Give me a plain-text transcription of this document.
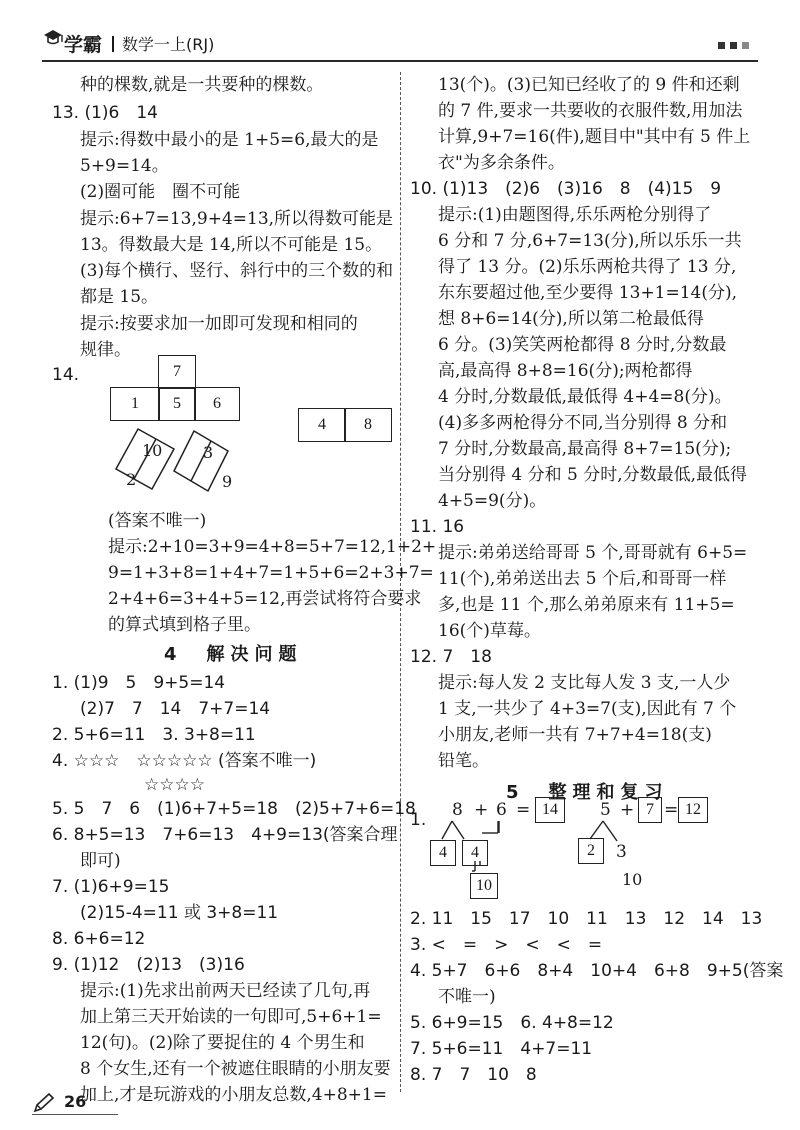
学霸 数学一上(RJ)
种的棵数,就是一共要种的棵数。
13. (1)6　14
提示:得数中最小的是 1+5=6,最大的是
5+9=14。
(2)圈可能　圈不可能
提示:6+7=13,9+4=13,所以得数可能是
13。得数最大是 14,所以不可能是 15。
(3)每个横行、竖行、斜行中的三个数的和
都是 15。
提示:按要求加一加即可发现和相同的
规律。
14.	7
1	5	6
4	8
10
2
3
9
(答案不唯一)
提示:2+10=3+9=4+8=5+7=12,1+2+
9=1+3+8=1+4+7=1+5+6=2+3+7=
2+4+6=3+4+5=12,再尝试将符合要求
的算式填到格子里。
4　解决问题
1. (1)9　5　9+5=14
(2)7　7　14　7+7=14
2. 5+6=11　3. 3+8=11
4. ☆☆☆　☆☆☆☆☆ (答案不唯一)
☆☆☆☆
5. 5　7　6　(1)6+7+5=18　(2)5+7+6=18
6. 8+5=13　7+6=13　4+9=13(答案合理
即可)
7. (1)6+9=15
(2)15-4=11 或 3+8=11
8. 6+6=12
9. (1)12　(2)13　(3)16
提示:(1)先求出前两天已经读了几句,再
加上第三天开始读的一句即可,5+6+1=
12(句)。(2)除了要捉住的 4 个男生和
8 个女生,还有一个被遮住眼睛的小朋友要
加上,才是玩游戏的小朋友总数,4+8+1=
13(个)。(3)已知已经收了的 9 件和还剩
的 7 件,要求一共要收的衣服件数,用加法
计算,9+7=16(件),题目中"其中有 5 件上
衣"为多余条件。
10. (1)13　(2)6　(3)16　8　(4)15　9
提示:(1)由题图得,乐乐两枪分别得了
6 分和 7 分,6+7=13(分),所以乐乐一共
得了 13 分。(2)乐乐两枪共得了 13 分,
东东要超过他,至少要得 13+1=14(分),
想 8+6=14(分),所以第二枪最低得
6 分。(3)笑笑两枪都得 8 分时,分数最
高,最高得 8+8=16(分);两枪都得
4 分时,分数最低,最低得 4+4=8(分)。
(4)多多两枪得分不同,当分别得 8 分和
7 分时,分数最高,最高得 8+7=15(分);
当分别得 4 分和 5 分时,分数最低,最低得
4+5=9(分)。
11. 16
提示:弟弟送给哥哥 5 个,哥哥就有 6+5=
11(个),弟弟送出去 5 个后,和哥哥一样
多,也是 11 个,那么弟弟原来有 11+5=
16(个)草莓。
12. 7　18
提示:每人发 2 支比每人发 3 支,一人少
1 支,一共少了 4+3=7(支),因此有 7 个
小朋友,老师一共有 7+7+4=18(支)
铅笔。
5　整理和复习
1. 8 + 6 = 14
4	4
10
5 + 7 = 12
2	3
10
2. 11　15　17　10　11　13　12　14　13
3. <　=　>　<　<　=
4. 5+7　6+6　8+4　10+4　6+8　9+5(答案
不唯一)
5. 6+9=15　6. 4+8=12
7. 5+6=11　4+7=11
8. 7　7　10　8
26
